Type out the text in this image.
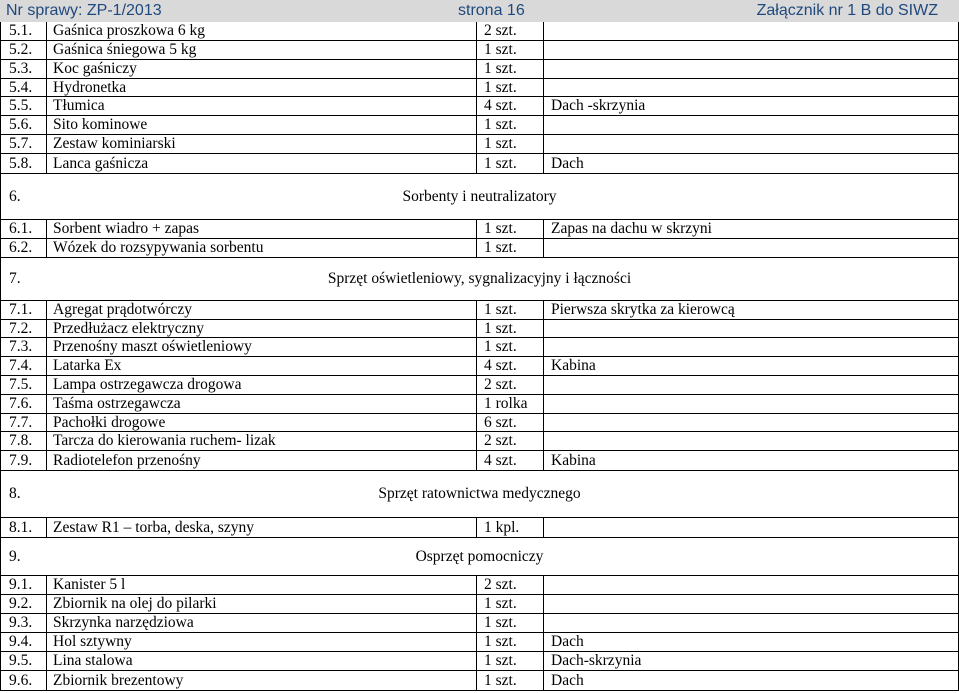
Nr sprawy: ZP-1/2013	strona 16	Załącznik nr 1 B do SIWZ
5.1. Gaśnica proszkowa 6 kg	2 szt.
5.2. Gaśnica śniegowa 5 kg	1 szt.
5.3. Koc gaśniczy	1 szt.
5.4. Hydronetka	1 szt.
5.5. Tłumica	4 szt. Dach -skrzynia
5.6. Sito kominowe	1 szt.
5.7. Zestaw kominiarski	1 szt.
5.8. Lanca gaśnicza	1 szt. Dach
6.	Sorbenty i neutralizatory
6.1. Sorbent wiadro + zapas	1 szt. Zapas na dachu w skrzyni
6.2. Wózek do rozsypywania sorbentu	1 szt.
7.	Sprzęt oświetleniowy, sygnalizacyjny i łączności
7.1. Agregat prądotwórczy	1 szt. Pierwsza skrytka za kierowcą
7.2. Przedłużacz elektryczny	1 szt.
7.3. Przenośny maszt oświetleniowy	1 szt.
7.4. Latarka Ex	4 szt. Kabina
7.5. Lampa ostrzegawcza drogowa	2 szt.
7.6. Taśma ostrzegawcza	1 rolka
7.7. Pachołki drogowe	6 szt.
7.8. Tarcza do kierowania ruchem- lizak	2 szt.
7.9. Radiotelefon przenośny	4 szt. Kabina
8.	Sprzęt ratownictwa medycznego
8.1. Zestaw R1 – torba, deska, szyny	1 kpl.
9.	Osprzęt pomocniczy
9.1. Kanister 5 l	2 szt.
9.2. Zbiornik na olej do pilarki	1 szt.
9.3. Skrzynka narzędziowa	1 szt.
9.4. Hol sztywny	1 szt. Dach
9.5. Lina stalowa	1 szt. Dach-skrzynia
9.6. Zbiornik brezentowy	1 szt. Dach
